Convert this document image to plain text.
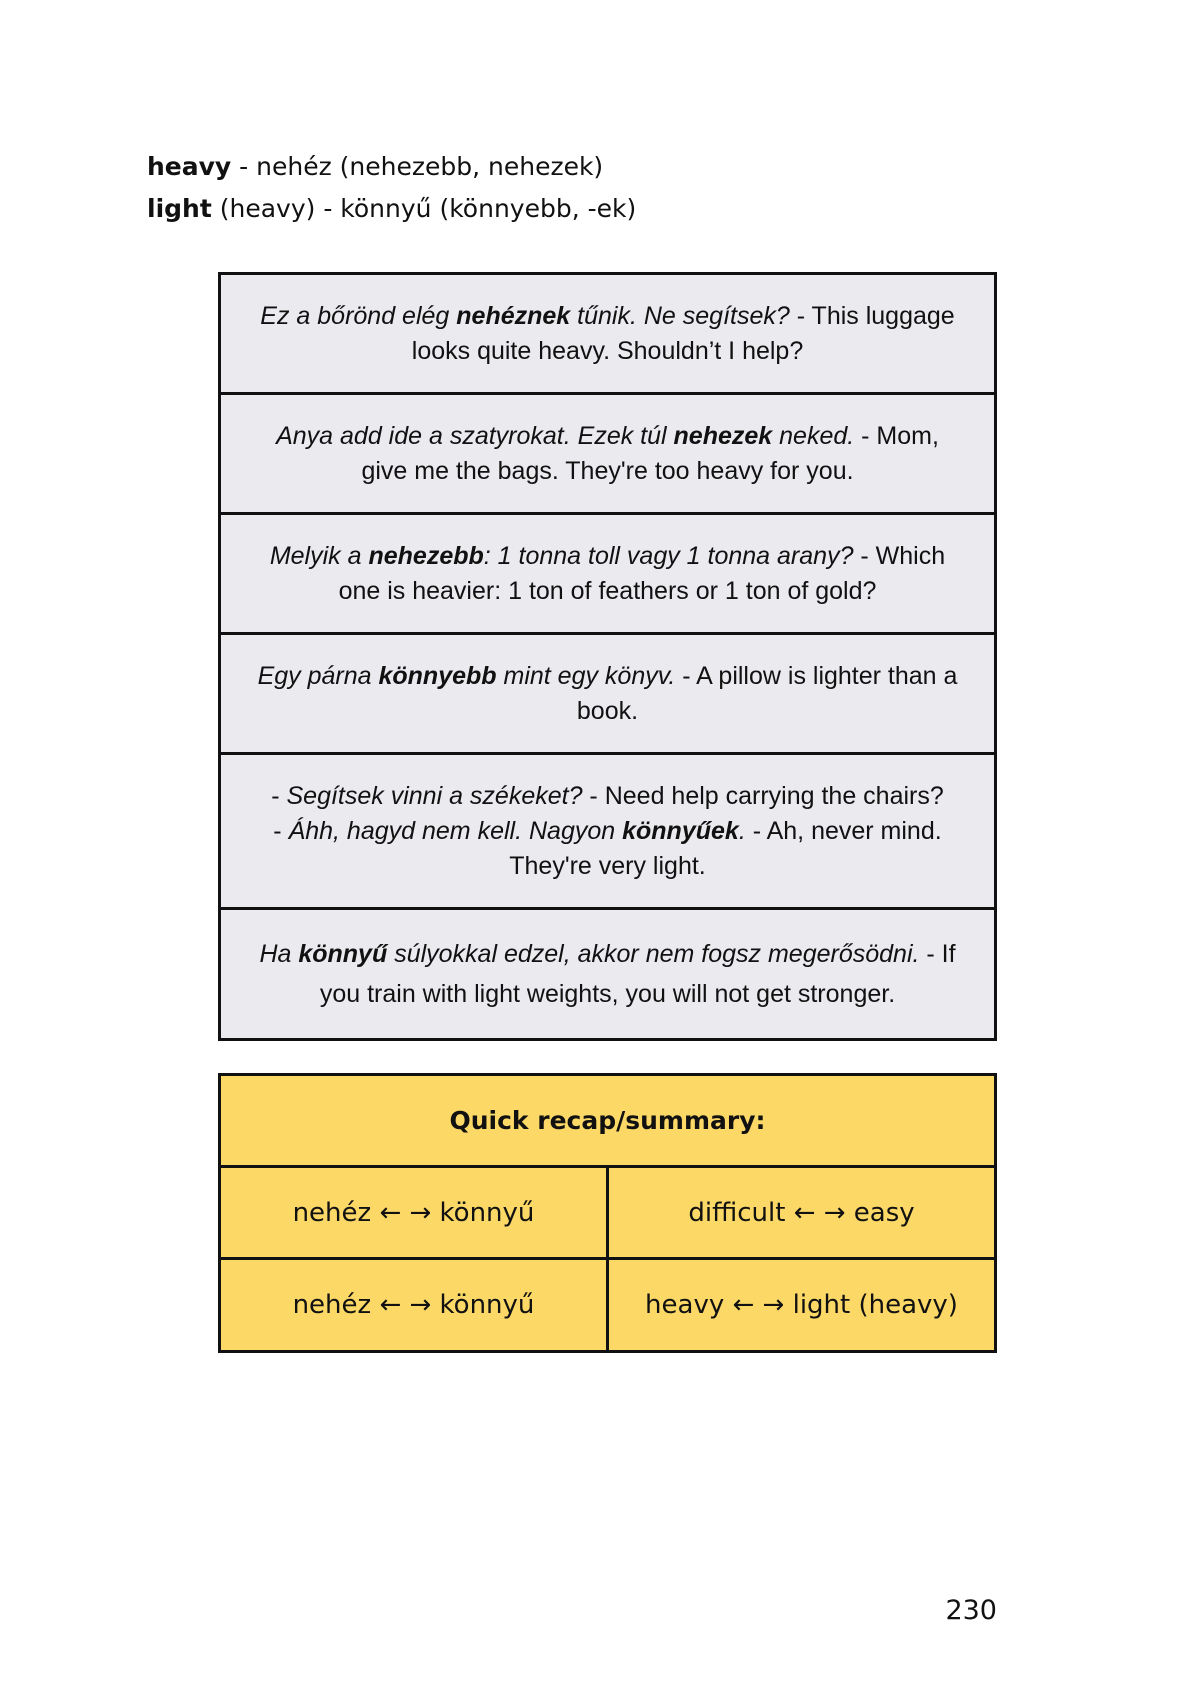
heavy - nehéz (nehezebb, nehezek)
light (heavy) - könnyű (könnyebb, -ek)
Ez a bőrönd elég nehéznek tűnik. Ne segítsek? - This luggage looks quite heavy. Shouldn’t I help?
Anya add ide a szatyrokat. Ezek túl nehezek neked. - Mom, give me the bags. They're too heavy for you.
Melyik a nehezebb: 1 tonna toll vagy 1 tonna arany? - Which one is heavier: 1 ton of feathers or 1 ton of gold?
Egy párna könnyebb mint egy könyv. - A pillow is lighter than a book.
- Segítsek vinni a székeket? - Need help carrying the chairs?
- Áhh, hagyd nem kell. Nagyon könnyűek. - Ah, never mind. They're very light.
Ha könnyű súlyokkal edzel, akkor nem fogsz megerősödni. - If you train with light weights, you will not get stronger.
Quick recap/summary:
nehéz ← → könnyű	difficult ← → easy
nehéz ← → könnyű	heavy ← → light (heavy)
230
